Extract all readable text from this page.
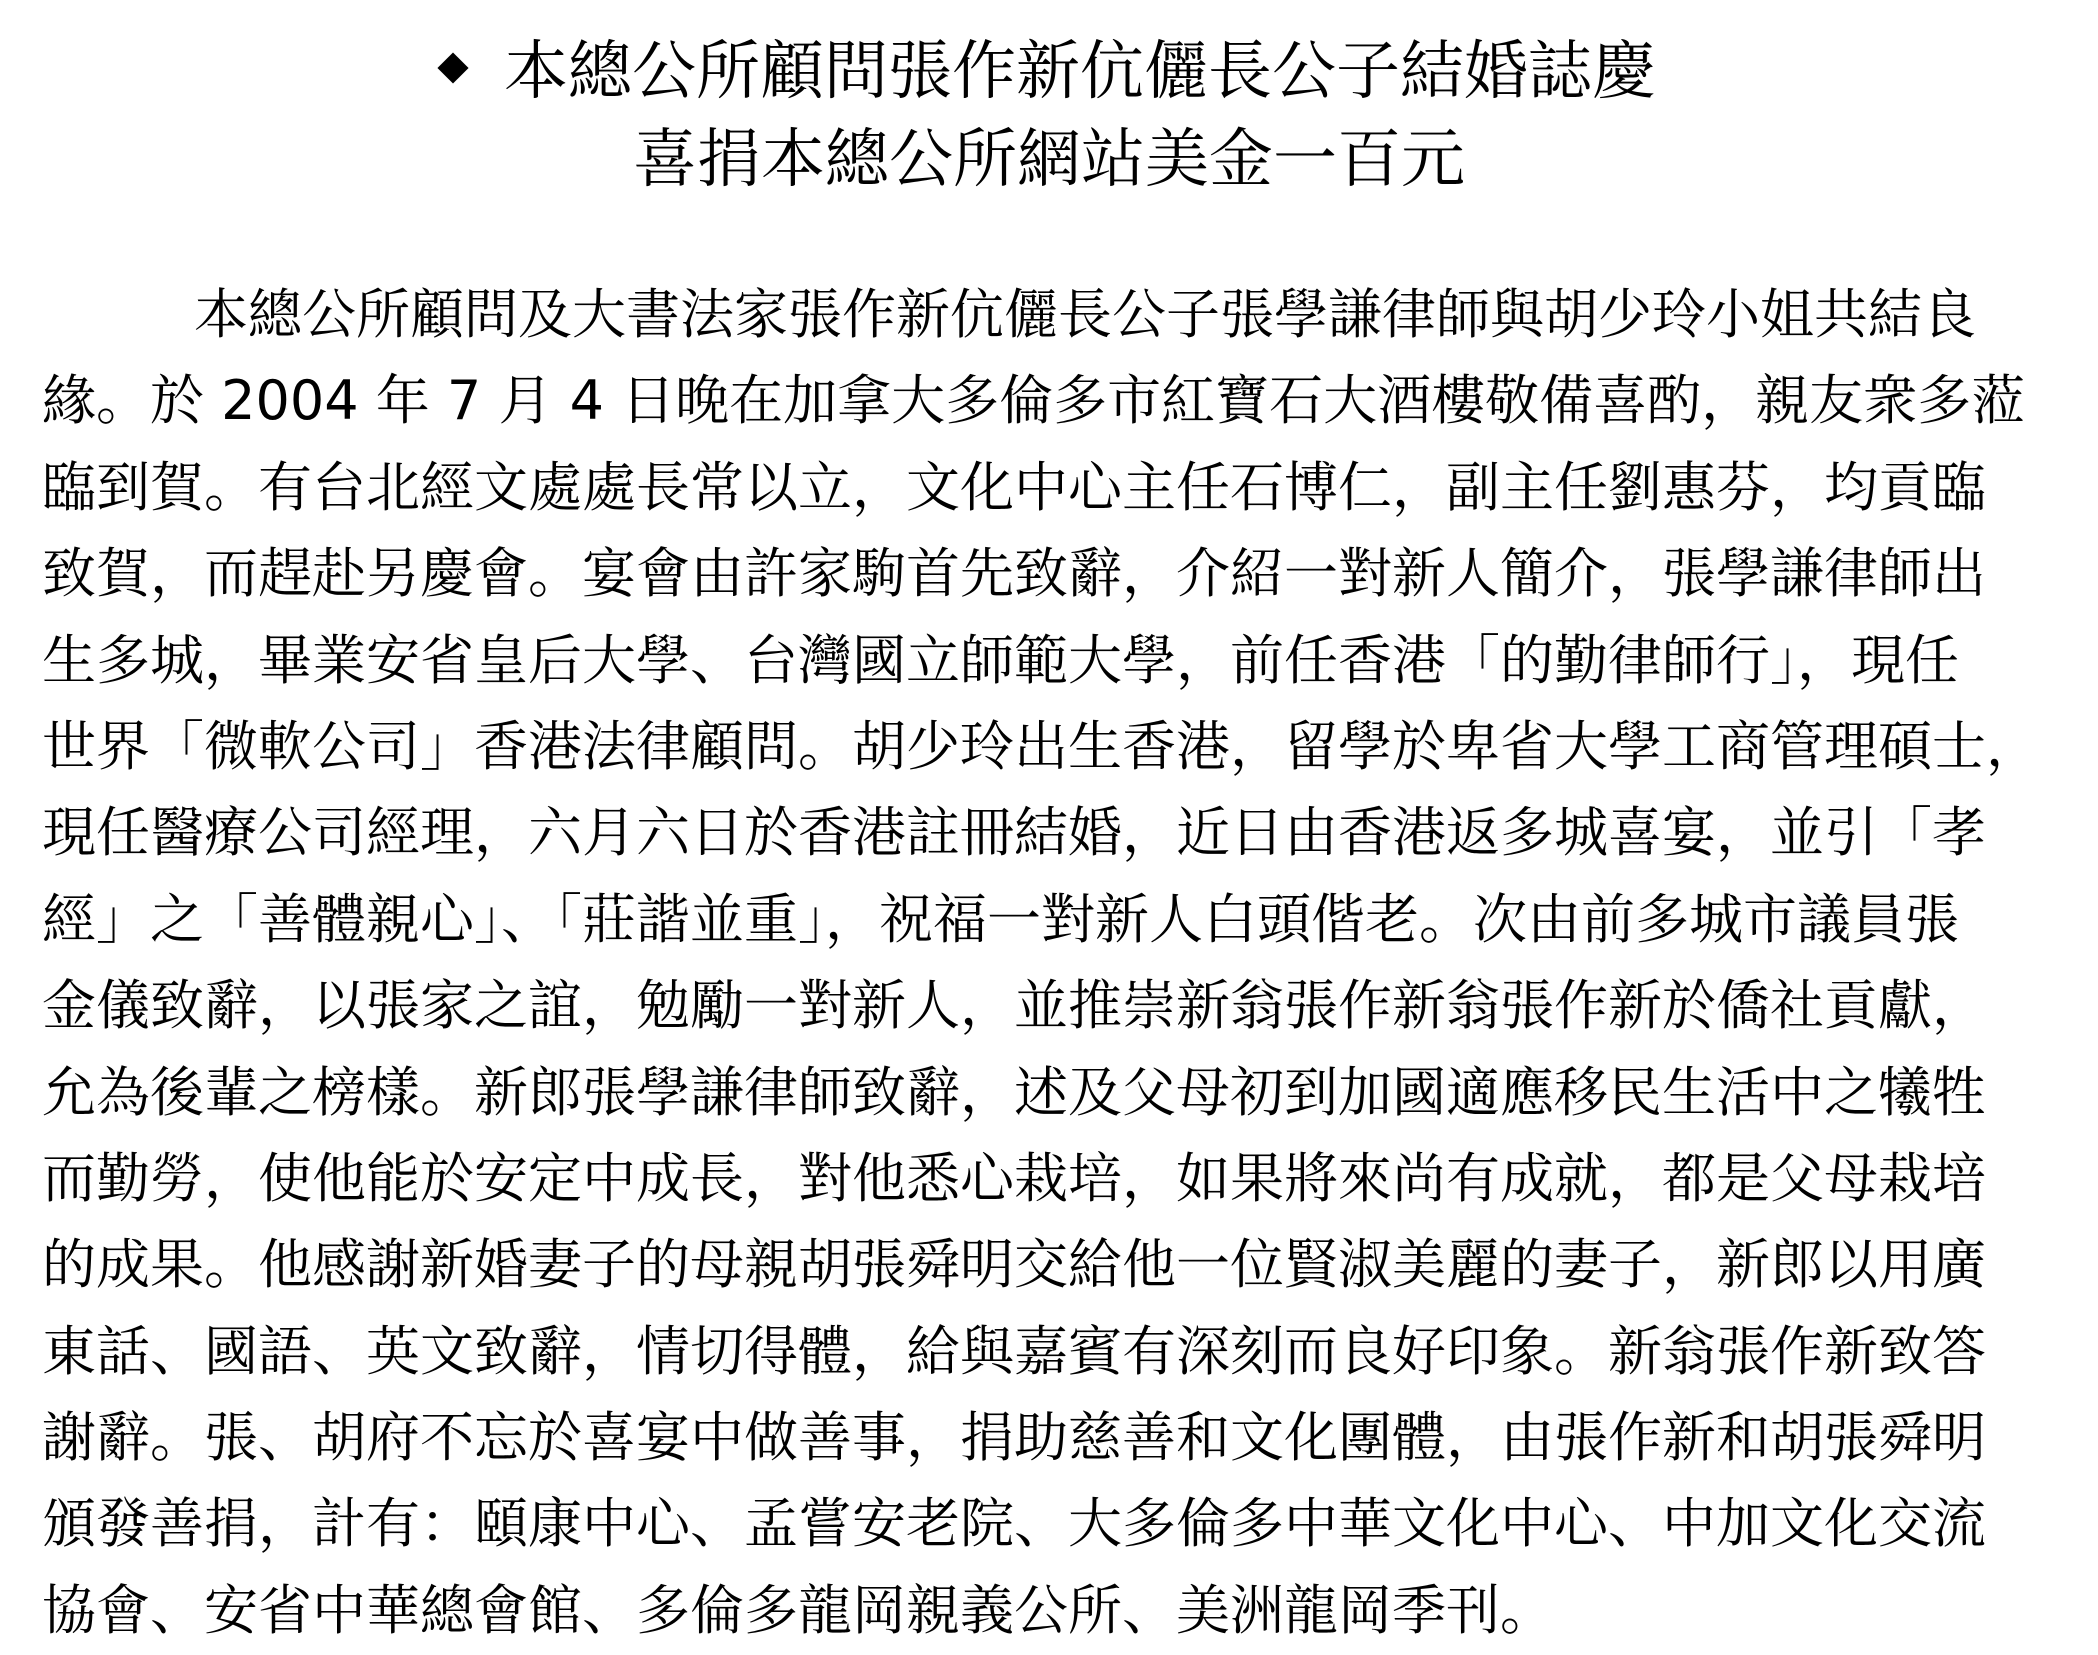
本總公所顧問張作新伉儷長公子結婚誌慶
喜捐本總公所網站美金一百元
本總公所顧問及大書法家張作新伉儷長公子張學謙律師與胡少玲小姐共結良
緣。於 2004 年 7 月 4 日晚在加拿大多倫多市紅寶石大酒樓敬備喜酌，親友衆多蒞
臨到賀。有台北經文處處長常以立，文化中心主任石博仁，副主任劉惠芬，均貢臨
致賀，而趕赴另慶會。宴會由許家駒首先致辭，介紹一對新人簡介，張學謙律師出
生多城，畢業安省皇后大學、台灣國立師範大學，前任香港「的勤律師行」，現任
世界「微軟公司」香港法律顧問。胡少玲出生香港，留學於卑省大學工商管理碩士，
現任醫療公司經理，六月六日於香港註冊結婚，近日由香港返多城喜宴，並引「孝
經」之「善體親心」、「莊諧並重」，祝福一對新人白頭偕老。次由前多城市議員張
金儀致辭，以張家之誼，勉勵一對新人，並推崇新翁張作新翁張作新於僑社貢獻，
允為後輩之榜樣。新郎張學謙律師致辭，述及父母初到加國適應移民生活中之犧牲
而勤勞，使他能於安定中成長，對他悉心栽培，如果將來尚有成就，都是父母栽培
的成果。他感謝新婚妻子的母親胡張舜明交給他一位賢淑美麗的妻子，新郎以用廣
東話、國語、英文致辭，情切得體，給與嘉賓有深刻而良好印象。新翁張作新致答
謝辭。張、胡府不忘於喜宴中做善事，捐助慈善和文化團體，由張作新和胡張舜明
頒發善捐，計有：頤康中心、孟嘗安老院、大多倫多中華文化中心、中加文化交流
協會、安省中華總會館、多倫多龍岡親義公所、美洲龍岡季刊。
